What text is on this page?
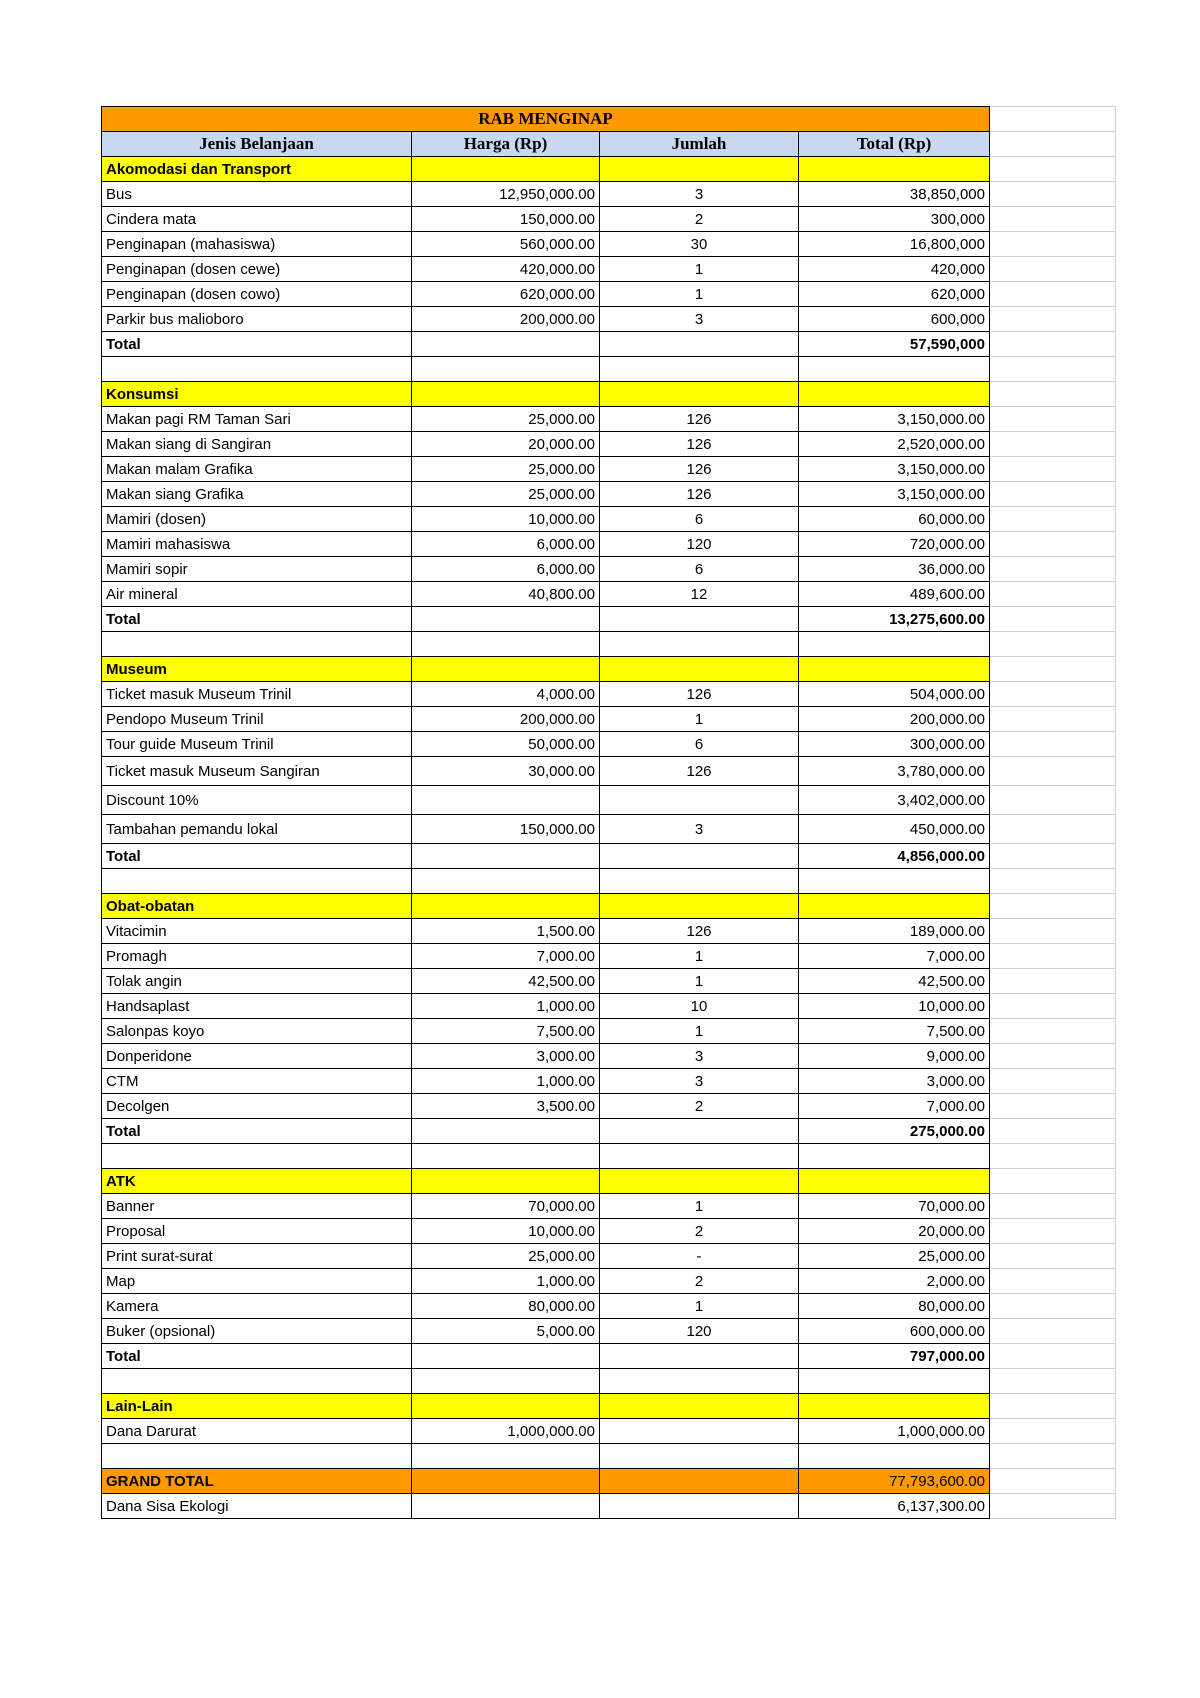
RAB MENGINAP				
Jenis Belanjaan	Harga (Rp)	Jumlah	Total (Rp)	
Akomodasi dan Transport				
Bus	12,950,000.00	3	38,850,000	
Cindera mata	150,000.00	2	300,000	
Penginapan (mahasiswa)	560,000.00	30	16,800,000	
Penginapan (dosen cewe)	420,000.00	1	420,000	
Penginapan (dosen cowo)	620,000.00	1	620,000	
Parkir bus malioboro	200,000.00	3	600,000	
Total			57,590,000	

Konsumsi				
Makan pagi RM Taman Sari	25,000.00	126	3,150,000.00	
Makan siang di Sangiran	20,000.00	126	2,520,000.00	
Makan malam Grafika	25,000.00	126	3,150,000.00	
Makan siang Grafika	25,000.00	126	3,150,000.00	
Mamiri (dosen)	10,000.00	6	60,000.00	
Mamiri mahasiswa	6,000.00	120	720,000.00	
Mamiri sopir	6,000.00	6	36,000.00	
Air mineral	40,800.00	12	489,600.00	
Total			13,275,600.00	

Museum				
Ticket masuk Museum Trinil	4,000.00	126	504,000.00	
Pendopo Museum Trinil	200,000.00	1	200,000.00	
Tour guide Museum Trinil	50,000.00	6	300,000.00	
Ticket masuk Museum Sangiran	30,000.00	126	3,780,000.00	
Discount 10%			3,402,000.00	
Tambahan pemandu lokal	150,000.00	3	450,000.00	
Total			4,856,000.00	

Obat-obatan				
Vitacimin	1,500.00	126	189,000.00	
Promagh	7,000.00	1	7,000.00	
Tolak angin	42,500.00	1	42,500.00	
Handsaplast	1,000.00	10	10,000.00	
Salonpas koyo	7,500.00	1	7,500.00	
Donperidone	3,000.00	3	9,000.00	
CTM	1,000.00	3	3,000.00	
Decolgen	3,500.00	2	7,000.00	
Total			275,000.00	

ATK				
Banner	70,000.00	1	70,000.00	
Proposal	10,000.00	2	20,000.00	
Print surat-surat	25,000.00	-	25,000.00	
Map	1,000.00	2	2,000.00	
Kamera	80,000.00	1	80,000.00	
Buker (opsional)	5,000.00	120	600,000.00	
Total			797,000.00	

Lain-Lain				
Dana Darurat	1,000,000.00		1,000,000.00	

GRAND TOTAL			77,793,600.00	
Dana Sisa Ekologi			6,137,300.00	
